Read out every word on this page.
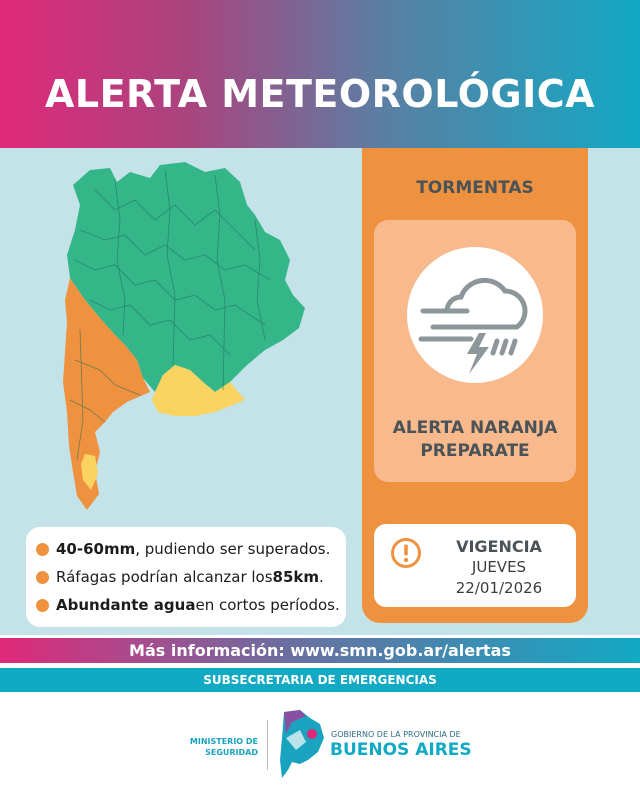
ALERTA METEOROLÓGICA
40-60mm , pudiendo ser superados.
Ráfagas podrían alcanzar los 85km .
Abundante agua en cortos períodos.
TORMENTAS
ALERTA NARANJA
PREPARATE
VIGENCIA
JUEVES
22/01/2026
Más información: www.smn.gob.ar/alertas
SUBSECRETARIA DE EMERGENCIAS
MINISTERIO DE
SEGURIDAD
GOBIERNO DE LA PROVINCIA DE
BUENOS AIRES
